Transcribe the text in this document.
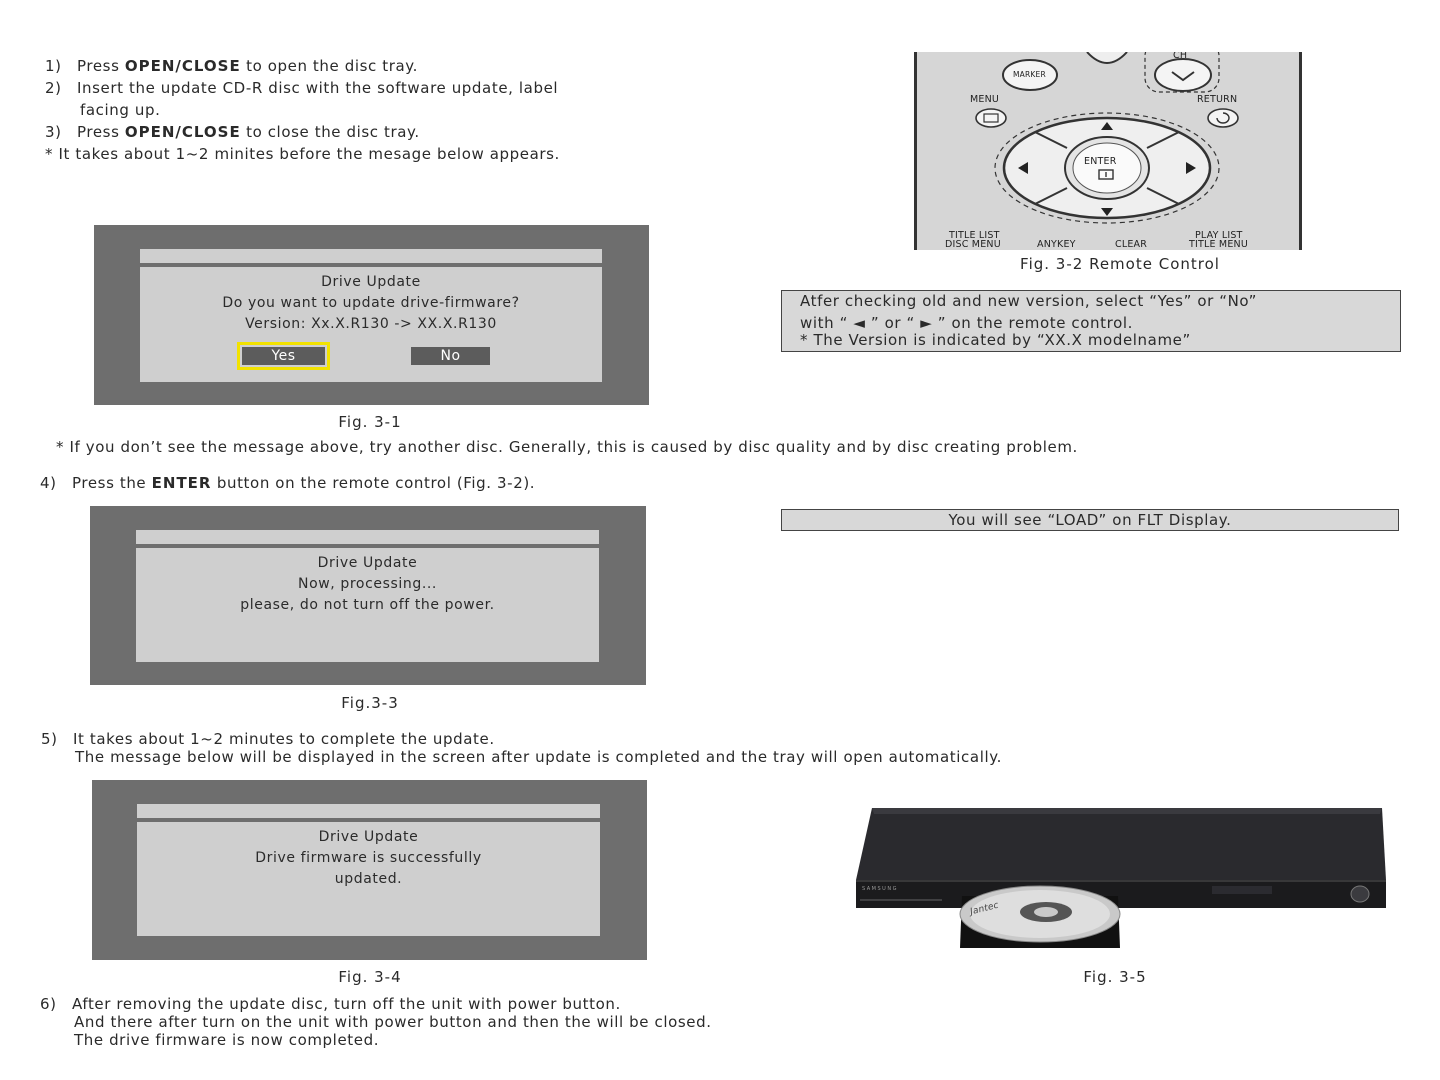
1)	Press OPEN/CLOSE to open the disc tray.
2)	Insert the update CD-R disc with the software update, label
facing up.
3)	Press OPEN/CLOSE to close the disc tray.
* It takes about 1~2 minites before the mesage below appears.
Drive Update
Do you want to update drive-firmware?
Version: Xx.X.R130 -> XX.X.R130
Yes	No
Fig. 3-1
MARKER
CH
MENU	RETURN
ENTER
TITLE LIST
DISC MENU	ANYKEY	CLEAR
PLAY LIST
TITLE MENU
Fig. 3-2 Remote Control
Atfer checking old and new version, select “Yes” or “No”
with “ ◄ ” or “ ► ” on the remote control.
* The Version is indicated by “XX.X modelname”
* If you don’t see the message above, try another disc. Generally, this is caused by disc quality and by disc creating problem.
4)	Press the ENTER button on the remote control (Fig. 3-2).
Drive Update
Now, processing...
please, do not turn off the power.
Fig.3-3
You will see “LOAD” on FLT Display.
5)	It takes about 1~2 minutes to complete the update.
The message below will be displayed in the screen after update is completed and the tray will open automatically.
Drive Update
Drive firmware is successfully
updated.
Fig. 3-4
SAMSUNG
Jantec
Fig. 3-5
6)	After removing the update disc, turn off the unit with power button.
And there after turn on the unit with power button and then the will be closed.
The drive firmware is now completed.
